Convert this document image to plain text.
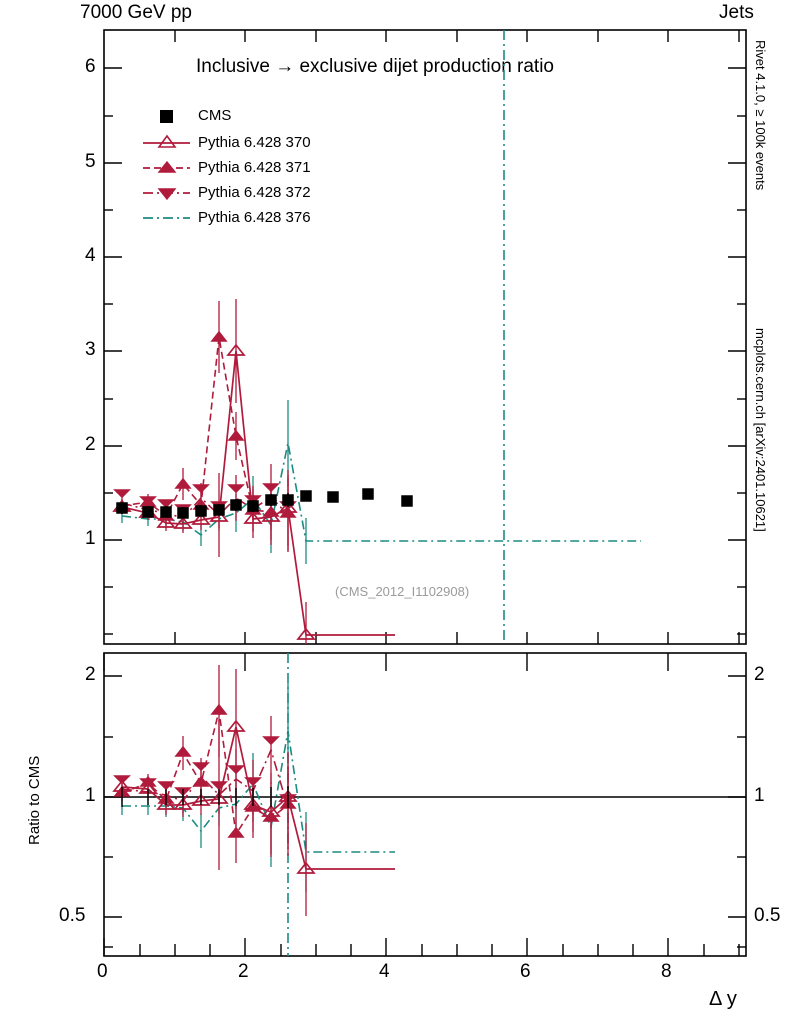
7000 GeV pp	Jets
Rivet 4.1.0, ≥ 100k events
mcplots.cern.ch [arXiv:2401.10621]
Inclusive → exclusive dijet production ratio
(CMS_2012_I1102908)
Δ y
Ratio to CMS
1
2
3
4
5
6
2
1
0.5
2
1
0.5
0	2	4	6	8
CMS
Pythia 6.428 370
Pythia 6.428 371
Pythia 6.428 372
Pythia 6.428 376
